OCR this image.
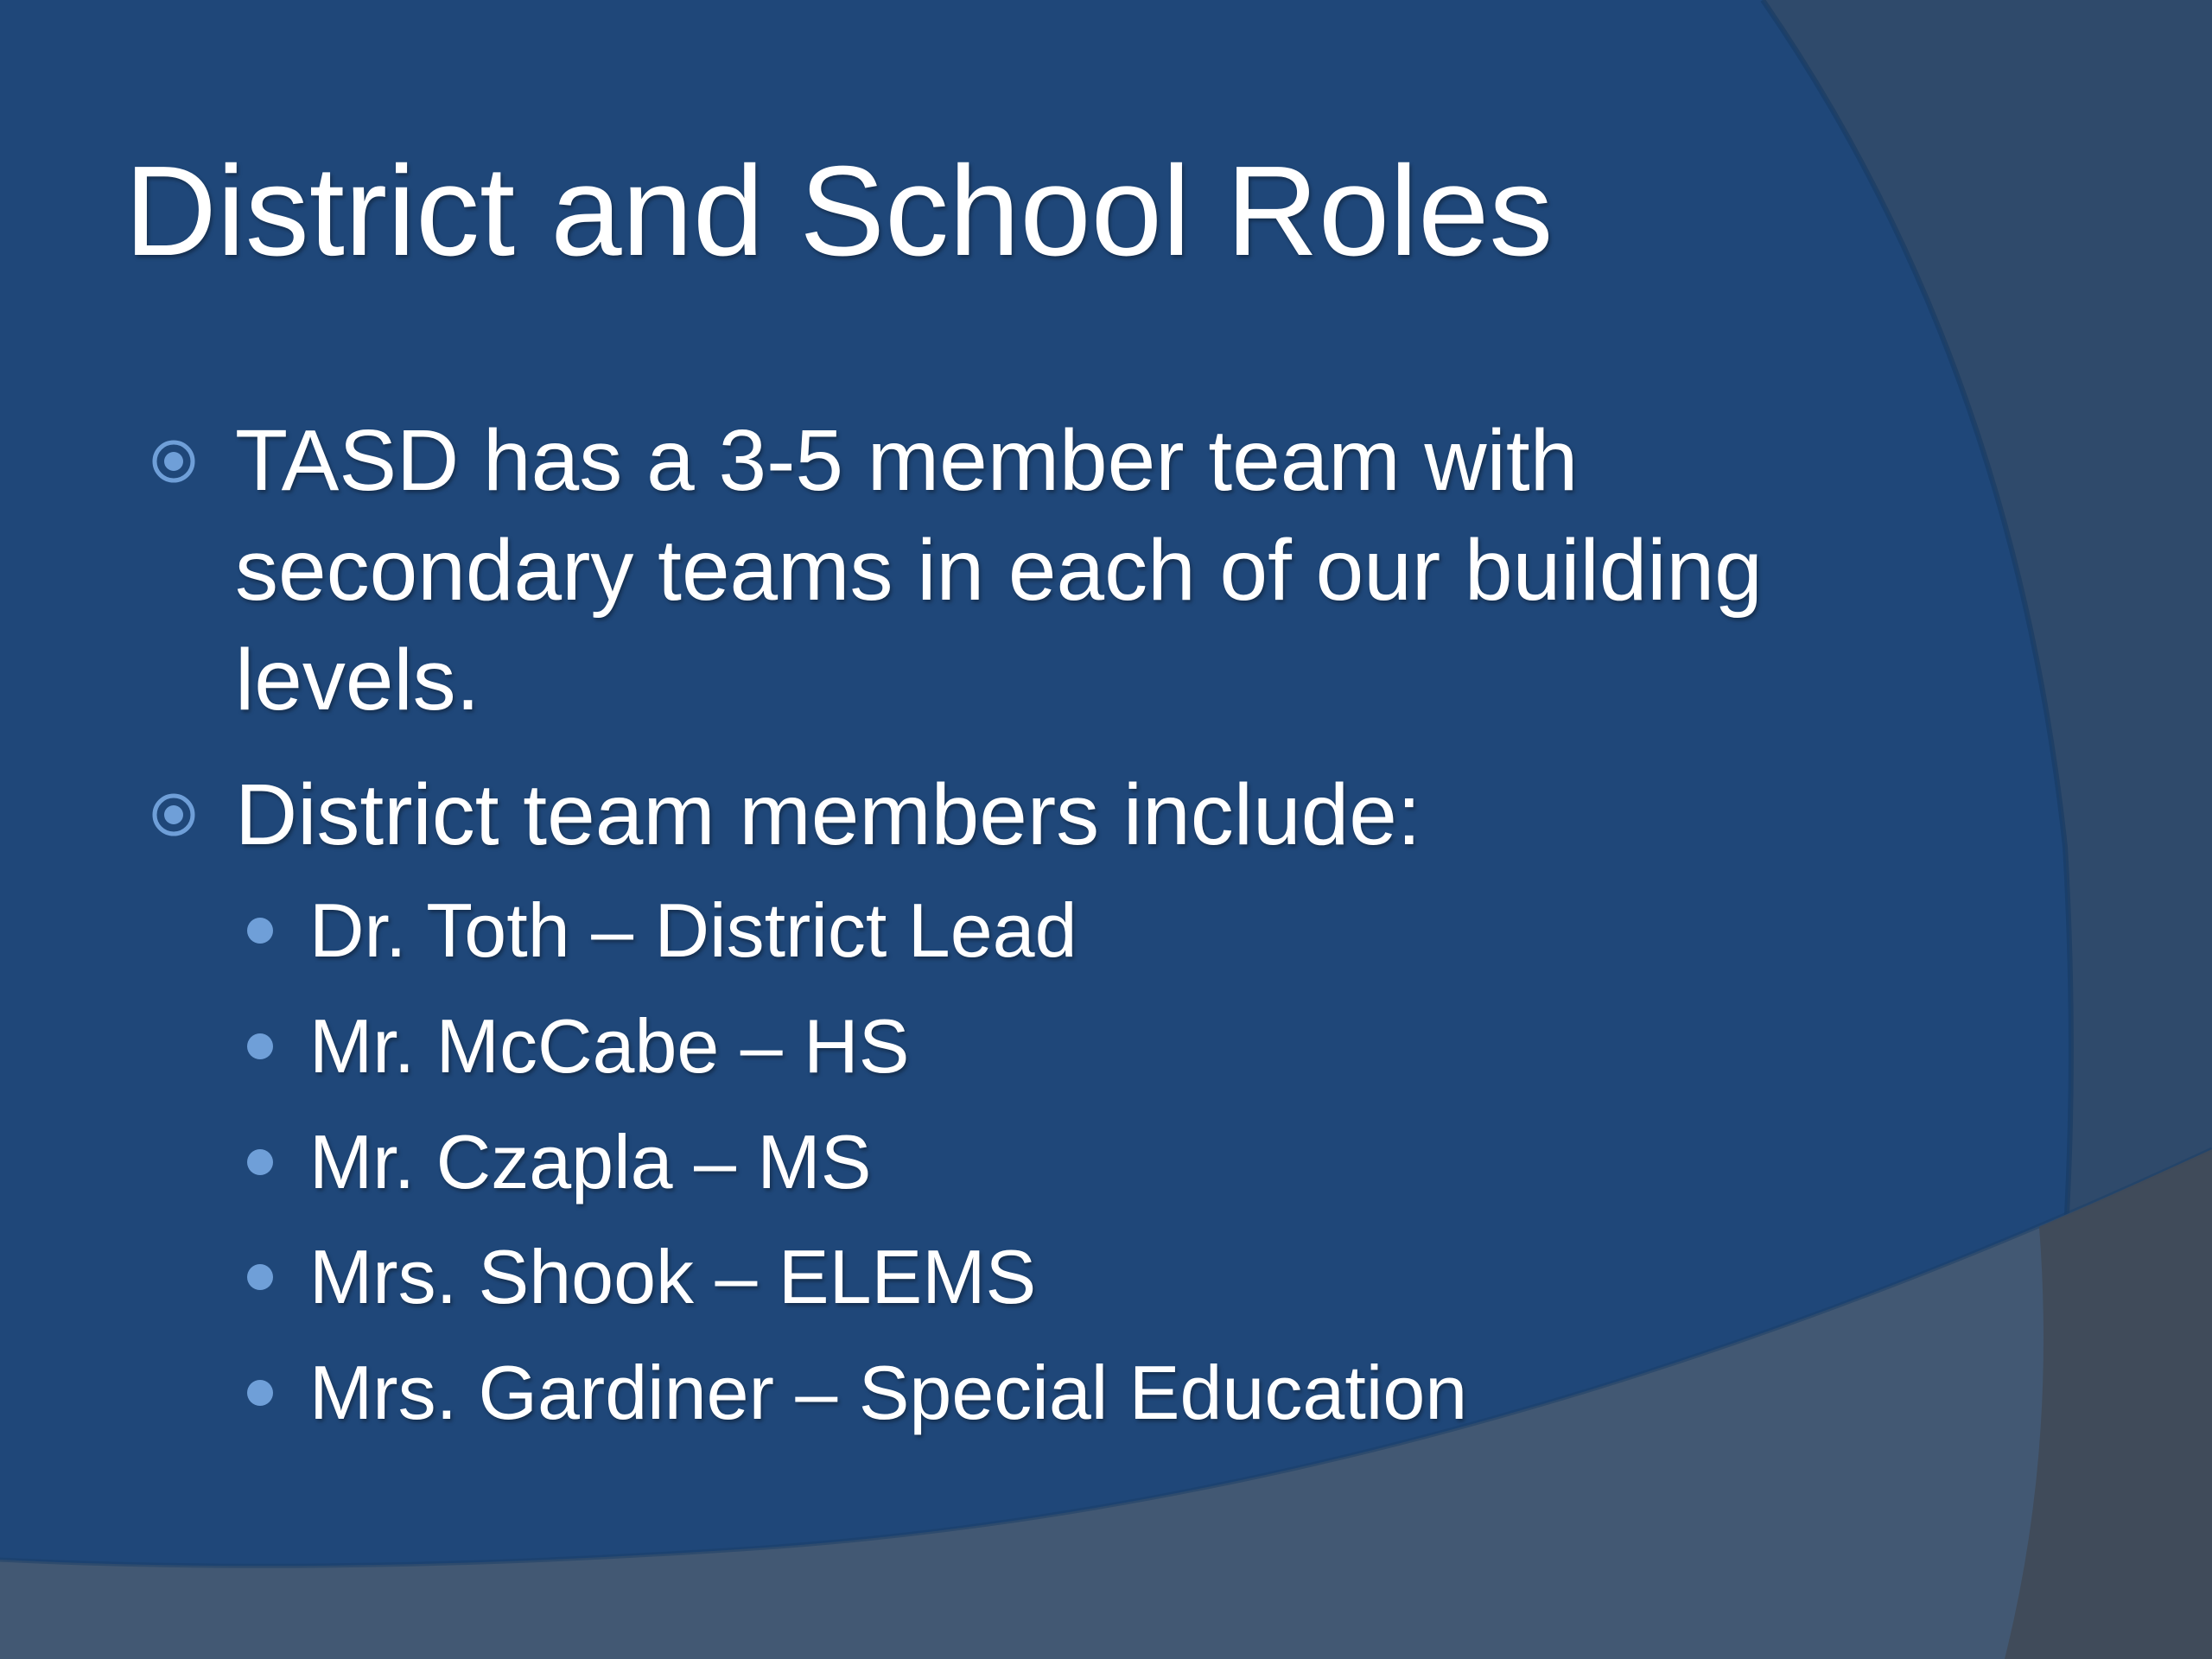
District and School Roles

TASD has a 3-5 member team with secondary teams in each of our building levels.

District team members include:

Dr. Toth – District Lead

Mr. McCabe – HS

Mr. Czapla – MS

Mrs. Shook – ELEMS

Mrs. Gardiner – Special Education
